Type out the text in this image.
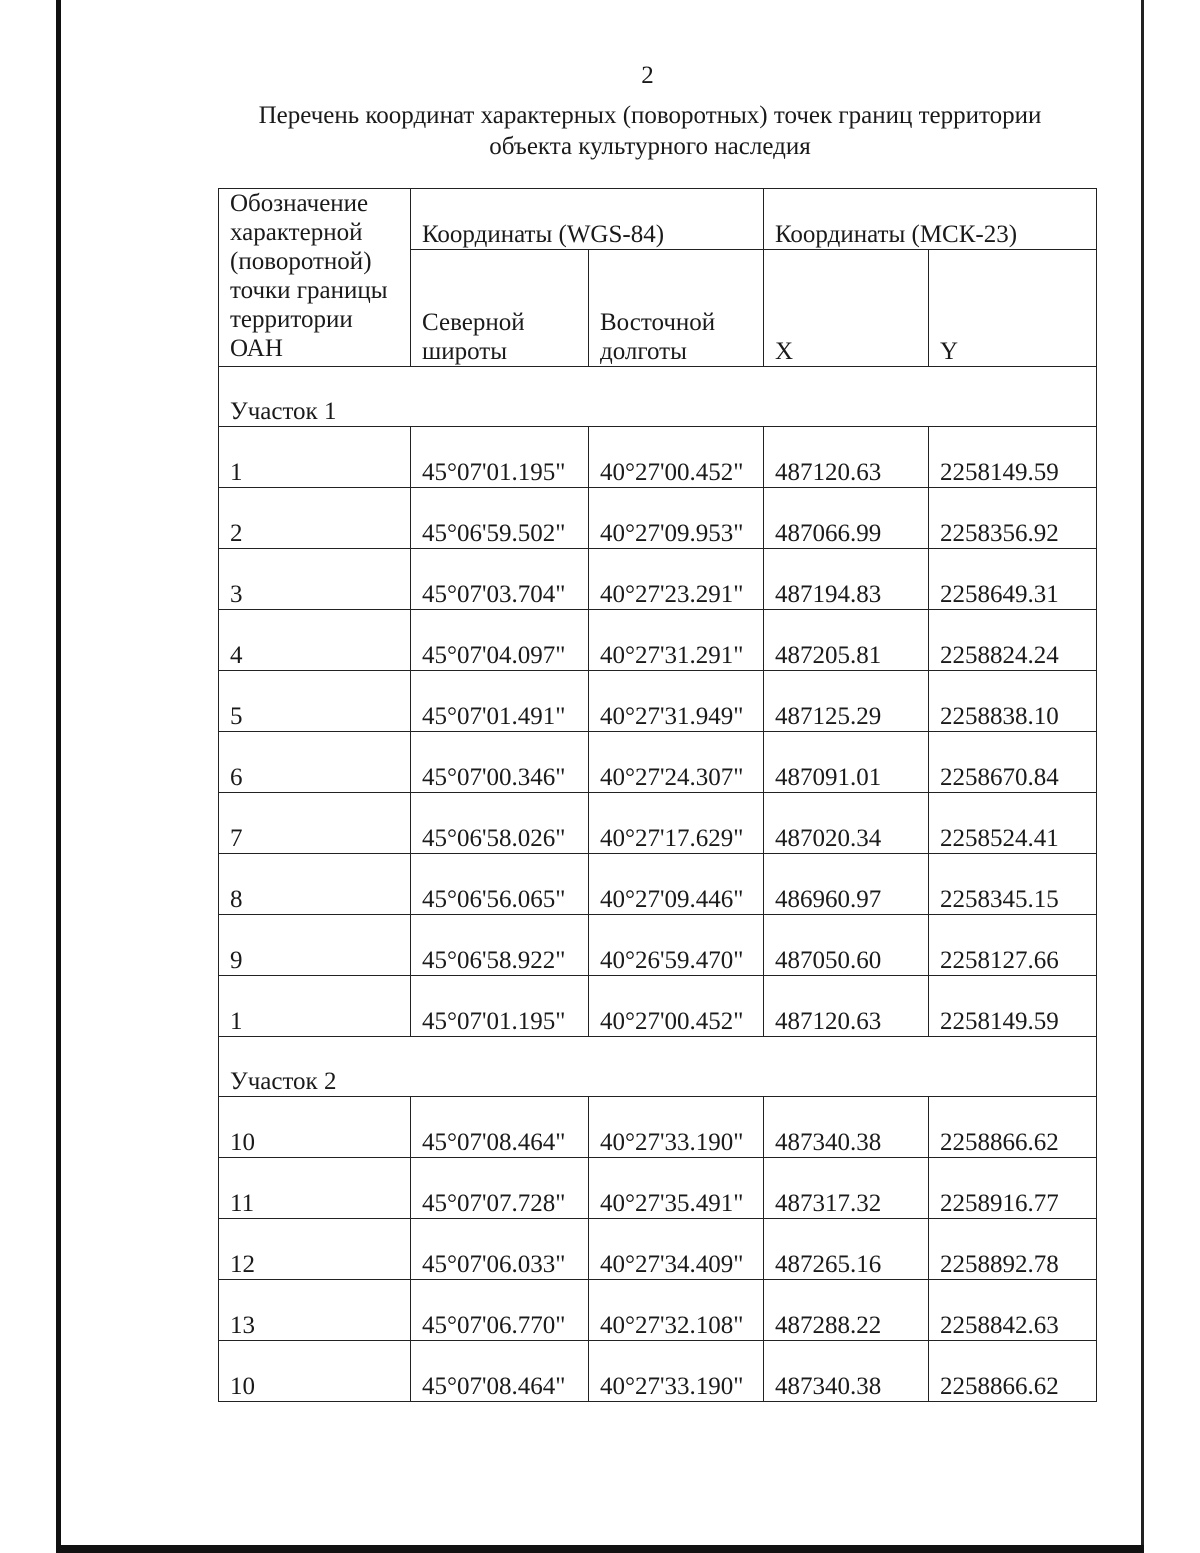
2
Перечень координат характерных (поворотных) точек границ территории
объекта культурного наследия
Обозначение характерной (поворотной) точки границы территории ОАН	Координаты (WGS-84)		Координаты (МСК-23)	
	Северной широты	Восточной долготы	X	Y
Участок 1				
1	45°07'01.195"	40°27'00.452"	487120.63	2258149.59
2	45°06'59.502"	40°27'09.953"	487066.99	2258356.92
3	45°07'03.704"	40°27'23.291"	487194.83	2258649.31
4	45°07'04.097"	40°27'31.291"	487205.81	2258824.24
5	45°07'01.491"	40°27'31.949"	487125.29	2258838.10
6	45°07'00.346"	40°27'24.307"	487091.01	2258670.84
7	45°06'58.026"	40°27'17.629"	487020.34	2258524.41
8	45°06'56.065"	40°27'09.446"	486960.97	2258345.15
9	45°06'58.922"	40°26'59.470"	487050.60	2258127.66
1	45°07'01.195"	40°27'00.452"	487120.63	2258149.59
Участок 2				
10	45°07'08.464"	40°27'33.190"	487340.38	2258866.62
11	45°07'07.728"	40°27'35.491"	487317.32	2258916.77
12	45°07'06.033"	40°27'34.409"	487265.16	2258892.78
13	45°07'06.770"	40°27'32.108"	487288.22	2258842.63
10	45°07'08.464"	40°27'33.190"	487340.38	2258866.62
